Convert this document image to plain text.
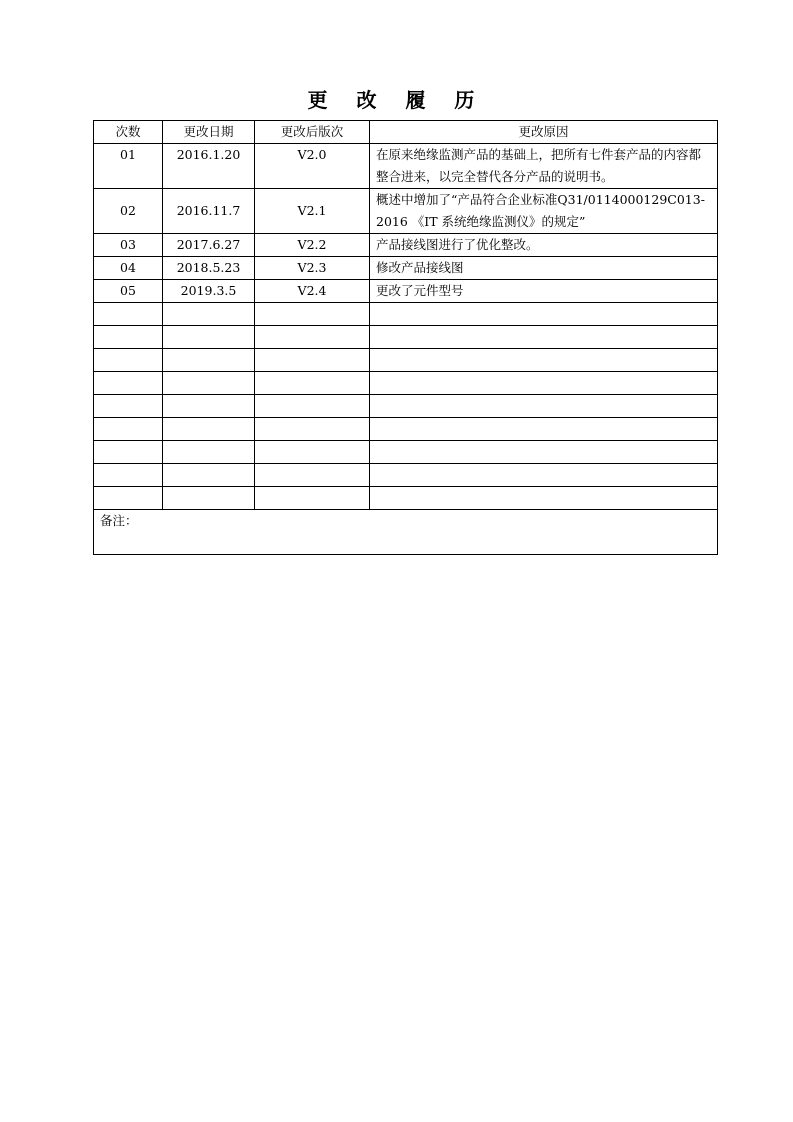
更 改 履 历
次数	更改日期	更改后版次	更改原因
01	2016.1.20	V2.0	在原来绝缘监测产品的基础上，把所有七件套产品的内容都整合进来，以完全替代各分产品的说明书。
02	2016.11.7	V2.1	概述中增加了“产品符合企业标准Q31/0114000129C013-2016 《IT 系统绝缘监测仪》的规定”
03	2017.6.27	V2.2	产品接线图进行了优化整改。
04	2018.5.23	V2.3	修改产品接线图
05	2019.3.5	V2.4	更改了元件型号

备注：			
